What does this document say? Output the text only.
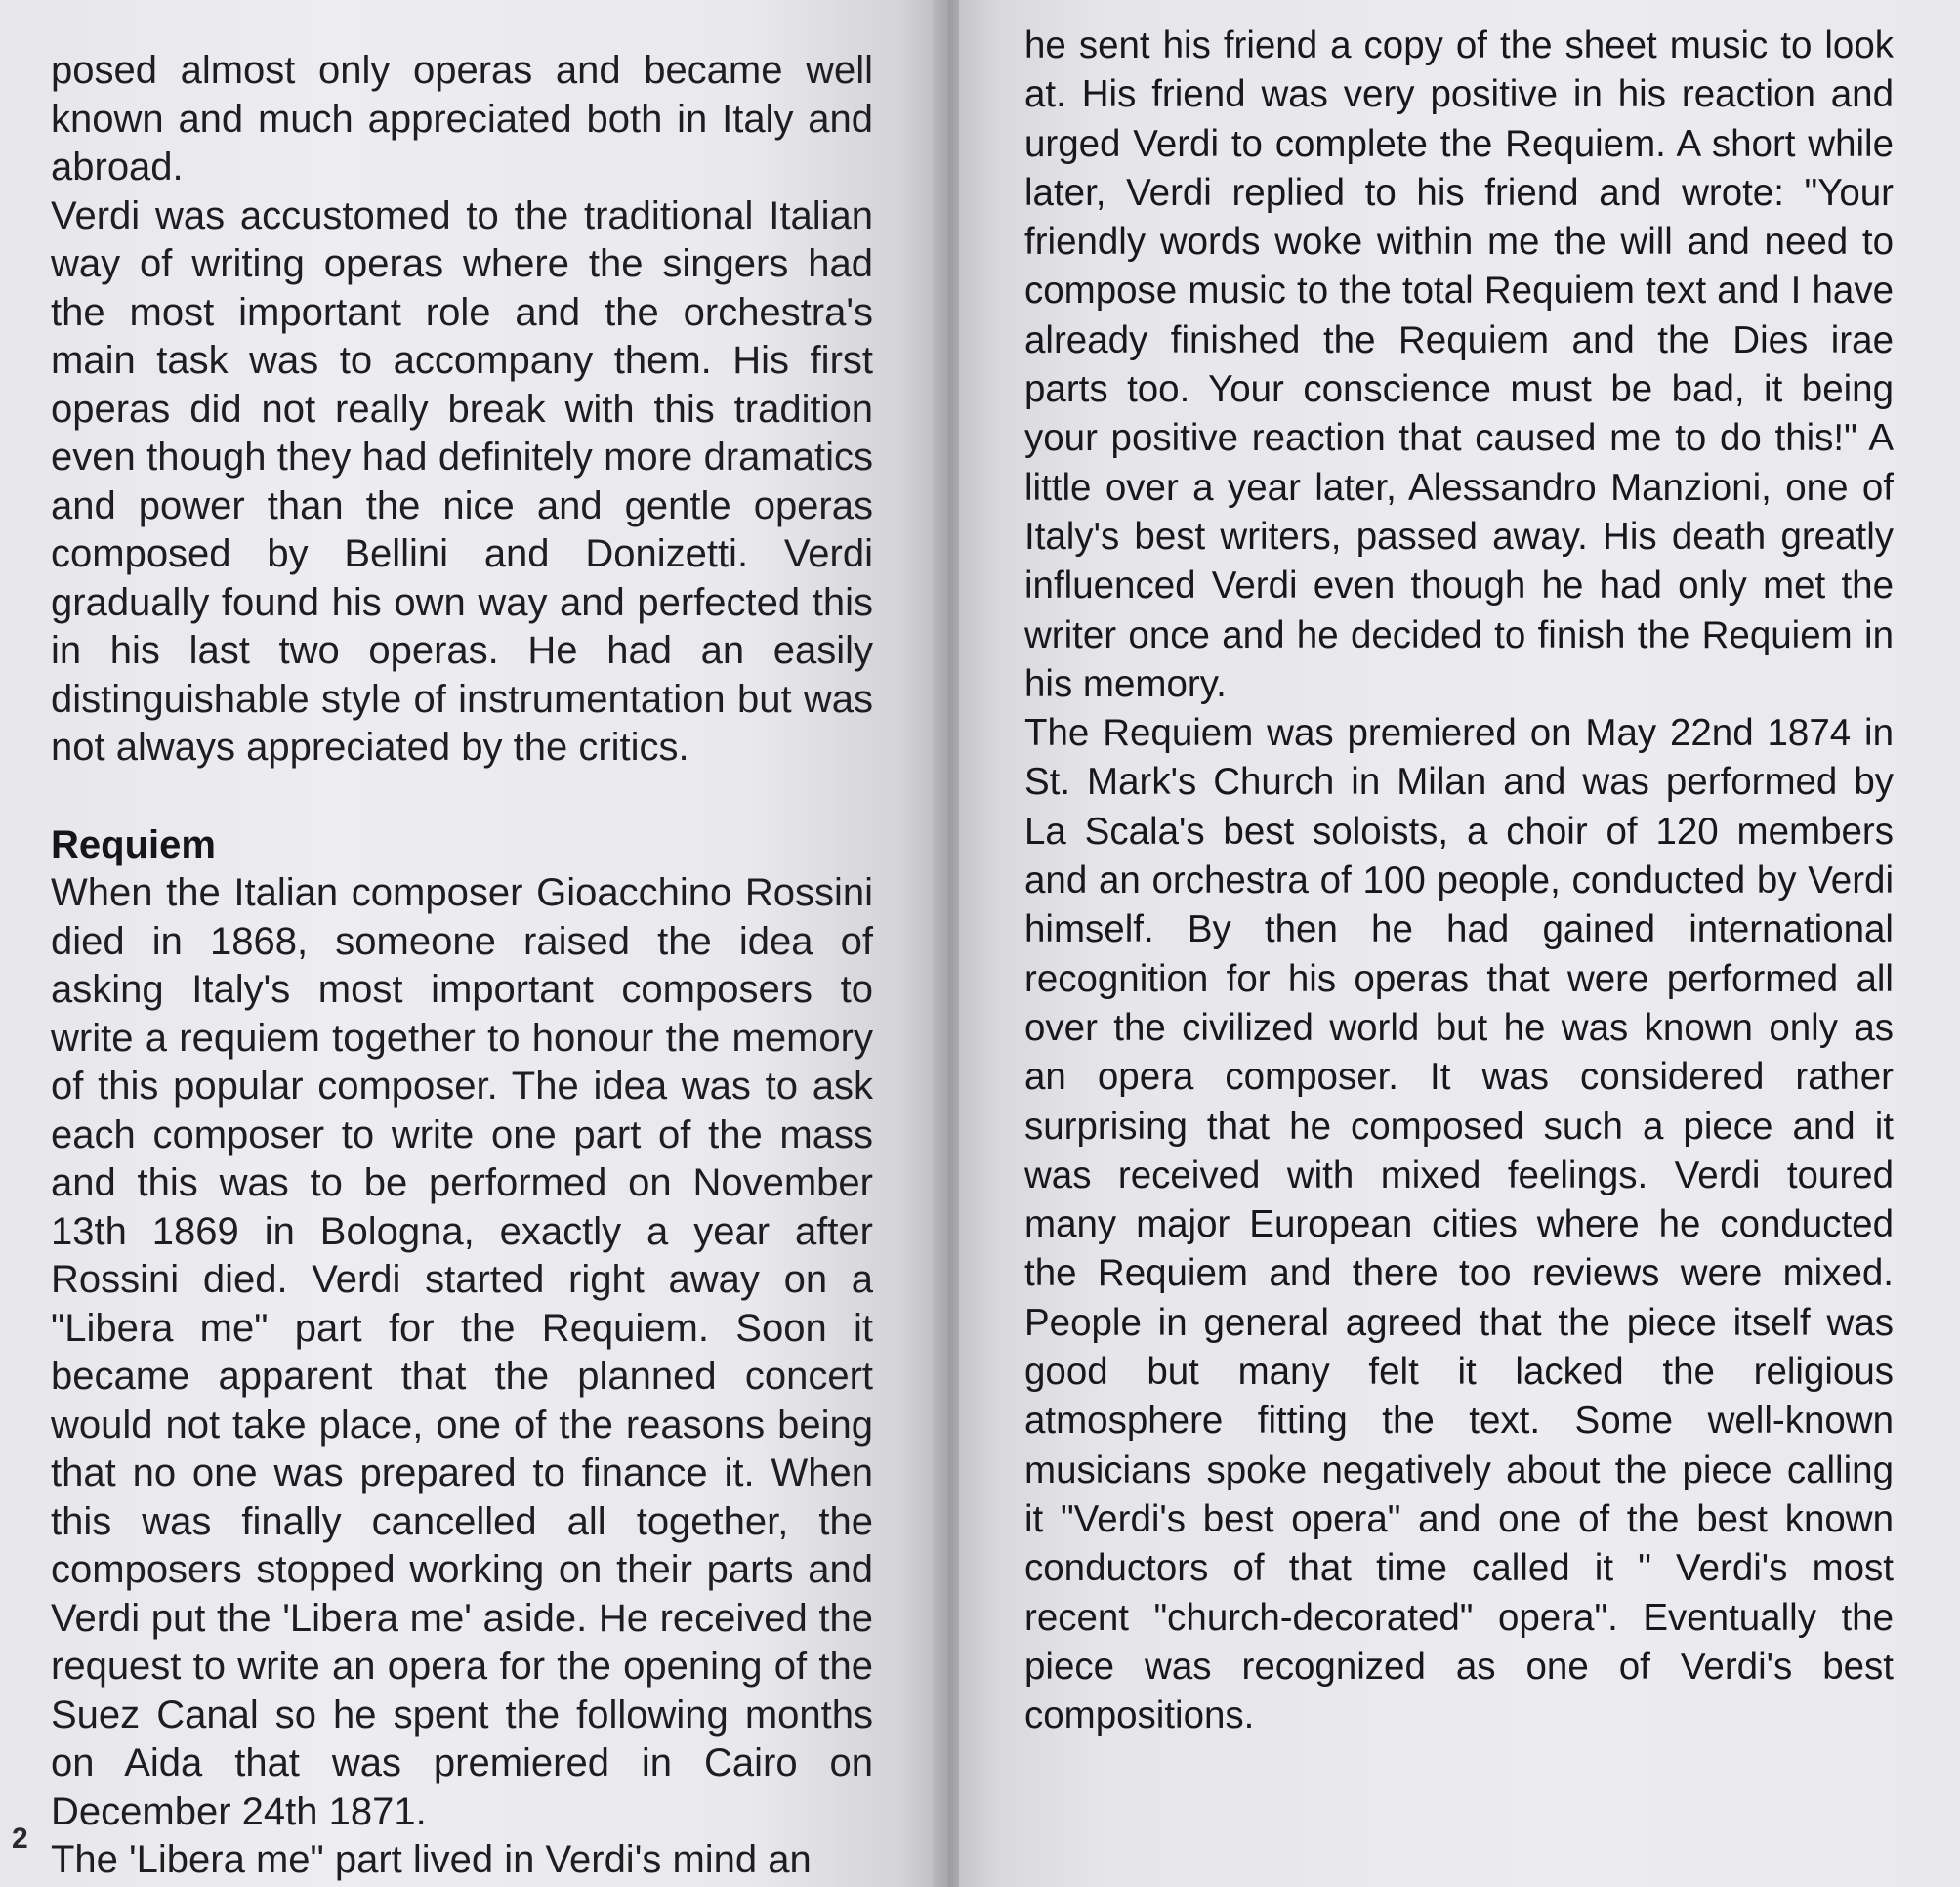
posed almost only operas and became well known and much appreciated both in Italy and abroad.

Verdi was accustomed to the traditional Italian way of writing operas where the singers had the most important role and the orchestra's main task was to accompany them. His first operas did not really break with this tradition even though they had definitely more dramatics and power than the nice and gentle operas composed by Bellini and Donizetti. Verdi gradually found his own way and perfected this in his last two operas. He had an easily distinguishable style of instrumentation but was not always appreciated by the critics.

Requiem

When the Italian composer Gioacchino Rossini died in 1868, someone raised the idea of asking Italy's most important composers to write a requiem together to honour the memory of this popular composer. The idea was to ask each composer to write one part of the mass and this was to be performed on November 13th 1869 in Bologna, exactly a year after Rossini died. Verdi started right away on a "Libera me" part for the Requiem. Soon it became apparent that the planned concert would not take place, one of the reasons being that no one was prepared to finance it. When this was finally cancelled all together, the composers stopped working on their parts and Verdi put the 'Libera me' aside. He received the request to write an opera for the opening of the Suez Canal so he spent the following months on Aida that was premiered in Cairo on December 24th 1871.

The 'Libera me" part lived in Verdi's mind an

2

he sent his friend a copy of the sheet music to look at. His friend was very positive in his reaction and urged Verdi to complete the Requiem. A short while later, Verdi replied to his friend and wrote: "Your friendly words woke within me the will and need to compose music to the total Requiem text and I have already finished the Requiem and the Dies irae parts too. Your conscience must be bad, it being your positive reaction that caused me to do this!" A little over a year later, Alessandro Manzioni, one of Italy's best writers, passed away. His death greatly influenced Verdi even though he had only met the writer once and he decided to finish the Requiem in his memory.

The Requiem was premiered on May 22nd 1874 in St. Mark's Church in Milan and was performed by La Scala's best soloists, a choir of 120 members and an orchestra of 100 people, conducted by Verdi himself. By then he had gained international recognition for his operas that were performed all over the civilized world but he was known only as an opera composer. It was considered rather surprising that he composed such a piece and it was received with mixed feelings. Verdi toured many major European cities where he conducted the Requiem and there too reviews were mixed. People in general agreed that the piece itself was good but many felt it lacked the religious atmosphere fitting the text. Some well-known musicians spoke negatively about the piece calling it "Verdi's best opera" and one of the best known conductors of that time called it " Verdi's most recent "church-decorated" opera". Eventually the piece was recognized as one of Verdi's best compositions.
